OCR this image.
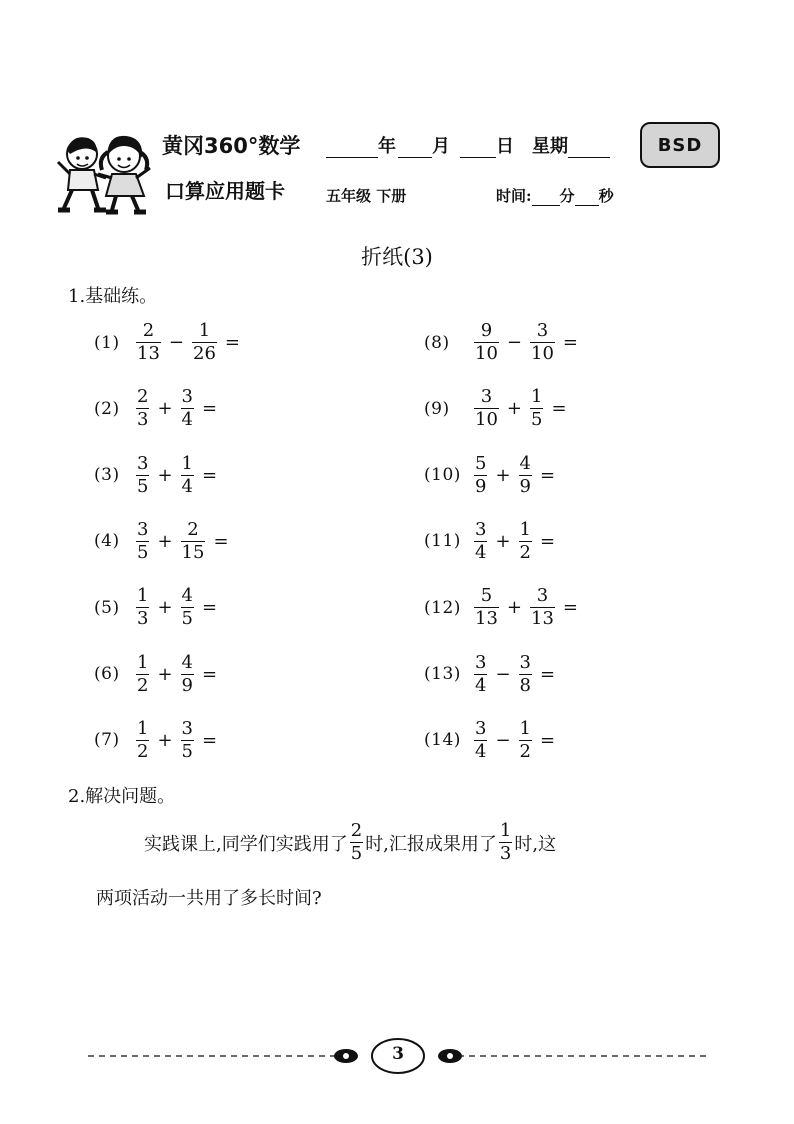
黄冈360°数学
口算应用题卡
年 月	日 星期	BSD
五年级 下册	时间: 分 秒
折纸(3)
1.基础练。
$(1) \frac{2}{13} - \frac{1}{26}$ =
$(2) \frac{2}{3} + \frac{3}{4}$ =
$(3) \frac{3}{5} + \frac{1}{4}$ =
$(4) \frac{3}{5} + \frac{2}{15}$ =
$(5) \frac{1}{3} + \frac{4}{5}$ =
$(6) \frac{1}{2} + \frac{4}{9}$ =
$(7) \frac{1}{2} + \frac{3}{5}$ =
(8)	$\frac{9}{10} - \frac{3}{10}$ =
(9)	$\frac{3}{10} + \frac{1}{5}$ =
$(10) \frac{5}{9} + \frac{4}{9}$ =
$(11) \frac{3}{4} + \frac{1}{2}$ =
$(12) \frac{5}{13} + \frac{3}{13}$ =
$(13) \frac{3}{4} - \frac{3}{8}$ =
$(14) \frac{3}{4} - \frac{1}{2}$ =
2.解决问题。
实践课上,同学们实践用了 $\frac{2}{5}$ 时,汇报成果用了 $\frac{1}{3}$ 时,这
两项活动一共用了多长时间?
3
